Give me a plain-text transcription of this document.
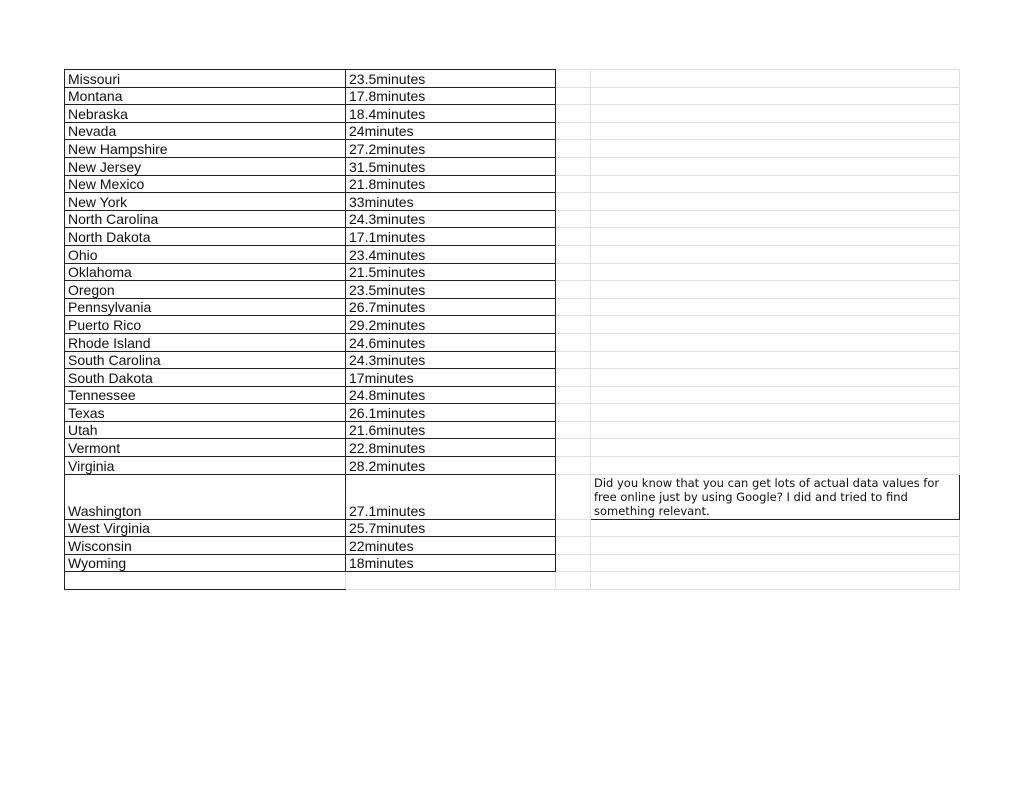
Missouri	23.5minutes		
Montana	17.8minutes		
Nebraska	18.4minutes		
Nevada	24minutes		
New Hampshire	27.2minutes		
New Jersey	31.5minutes		
New Mexico	21.8minutes		
New York	33minutes		
North Carolina	24.3minutes		
North Dakota	17.1minutes		
Ohio	23.4minutes		
Oklahoma	21.5minutes		
Oregon	23.5minutes		
Pennsylvania	26.7minutes		
Puerto Rico	29.2minutes		
Rhode Island	24.6minutes		
South Carolina	24.3minutes		
South Dakota	17minutes		
Tennessee	24.8minutes		
Texas	26.1minutes		
Utah	21.6minutes		
Vermont	22.8minutes		
Virginia	28.2minutes		
Washington	27.1minutes		Did you know that you can get lots of actual data values for free online just by using Google? I did and tried to find something relevant.
West Virginia	25.7minutes		
Wisconsin	22minutes		
Wyoming	18minutes		
